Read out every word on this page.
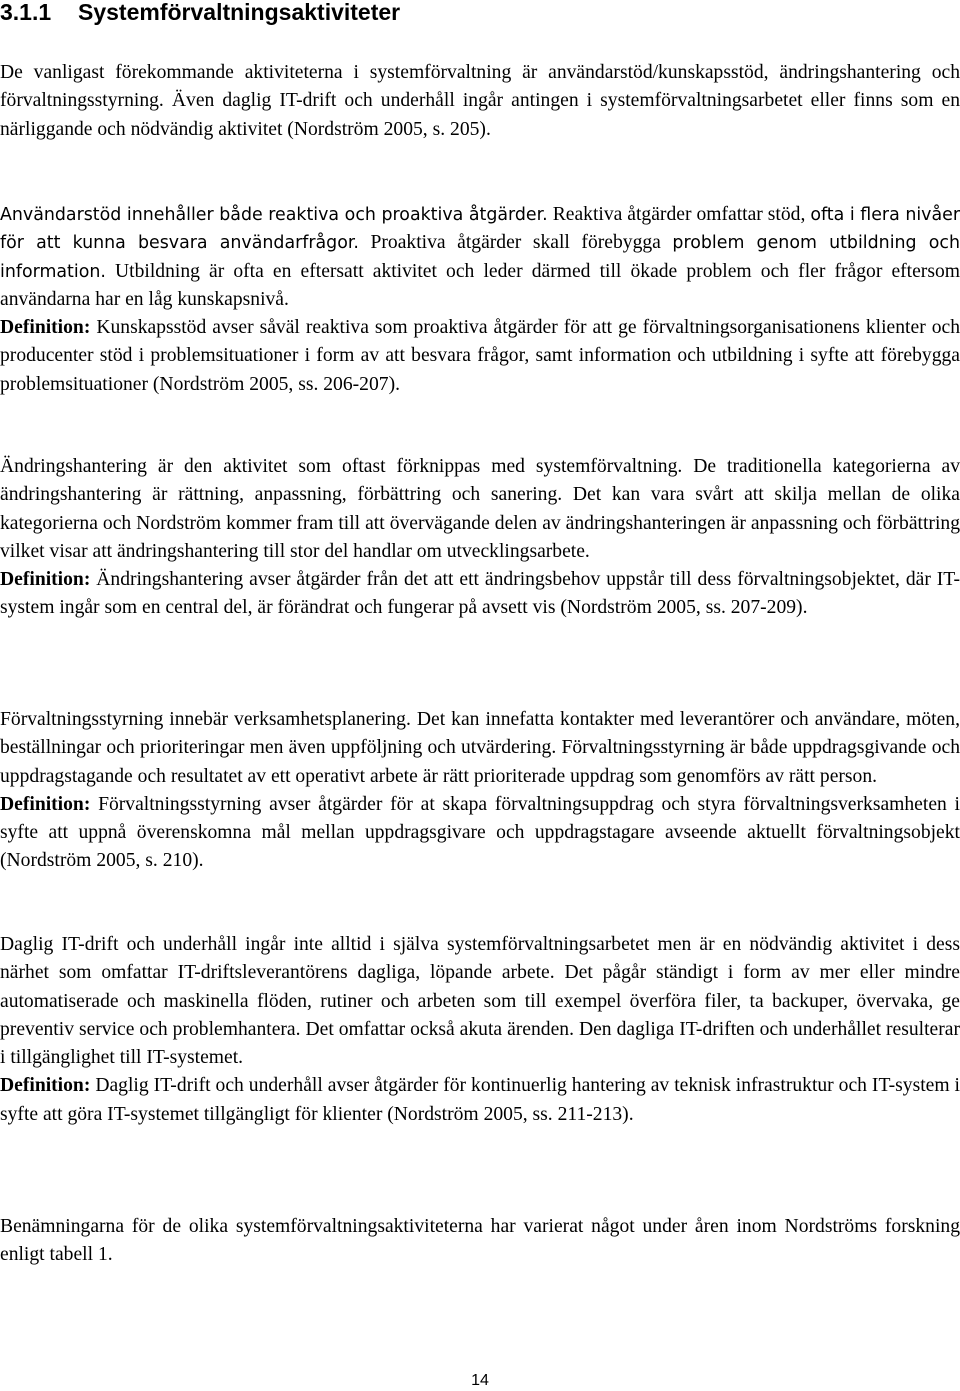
3.1.1 Systemförvaltningsaktiviteter

De vanligast förekommande aktiviteterna i systemförvaltning är användarstöd/kunskapsstöd, ändringshantering och förvaltningsstyrning. Även daglig IT-drift och underhåll ingår antingen i systemförvaltningsarbetet eller finns som en närliggande och nödvändig aktivitet (Nordström 2005, s. 205).

Användarstöd innehåller både reaktiva och proaktiva åtgärder. Reaktiva åtgärder omfattar stöd, ofta i flera nivåer för att kunna besvara användarfrågor. Proaktiva åtgärder skall förebygga problem genom utbildning och information. Utbildning är ofta en eftersatt aktivitet och leder därmed till ökade problem och fler frågor eftersom användarna har en låg kunskapsnivå.
Definition: Kunskapsstöd avser såväl reaktiva som proaktiva åtgärder för att ge förvaltningsorganisationens klienter och producenter stöd i problemsituationer i form av att besvara frågor, samt information och utbildning i syfte att förebygga problemsituationer (Nordström 2005, ss. 206-207).

Ändringshantering är den aktivitet som oftast förknippas med systemförvaltning. De traditionella kategorierna av ändringshantering är rättning, anpassning, förbättring och sanering. Det kan vara svårt att skilja mellan de olika kategorierna och Nordström kommer fram till att övervägande delen av ändringshanteringen är anpassning och förbättring vilket visar att ändringshantering till stor del handlar om utvecklingsarbete.
Definition: Ändringshantering avser åtgärder från det att ett ändringsbehov uppstår till dess förvaltningsobjektet, där IT-system ingår som en central del, är förändrat och fungerar på avsett vis (Nordström 2005, ss. 207-209).

Förvaltningsstyrning innebär verksamhetsplanering. Det kan innefatta kontakter med leverantörer och användare, möten, beställningar och prioriteringar men även uppföljning och utvärdering. Förvaltningsstyrning är både uppdragsgivande och uppdragstagande och resultatet av ett operativt arbete är rätt prioriterade uppdrag som genomförs av rätt person.
Definition: Förvaltningsstyrning avser åtgärder för at skapa förvaltningsuppdrag och styra förvaltningsverksamheten i syfte att uppnå överenskomna mål mellan uppdragsgivare och uppdragstagare avseende aktuellt förvaltningsobjekt (Nordström 2005, s. 210).

Daglig IT-drift och underhåll ingår inte alltid i själva systemförvaltningsarbetet men är en nödvändig aktivitet i dess närhet som omfattar IT-driftsleverantörens dagliga, löpande arbete. Det pågår ständigt i form av mer eller mindre automatiserade och maskinella flöden, rutiner och arbeten som till exempel överföra filer, ta backuper, övervaka, ge preventiv service och problemhantera. Det omfattar också akuta ärenden. Den dagliga IT-driften och underhållet resulterar i tillgänglighet till IT-systemet.
Definition: Daglig IT-drift och underhåll avser åtgärder för kontinuerlig hantering av teknisk infrastruktur och IT-system i syfte att göra IT-systemet tillgängligt för klienter (Nordström 2005, ss. 211-213).

Benämningarna för de olika systemförvaltningsaktiviteterna har varierat något under åren inom Nordströms forskning enligt tabell 1.

14
